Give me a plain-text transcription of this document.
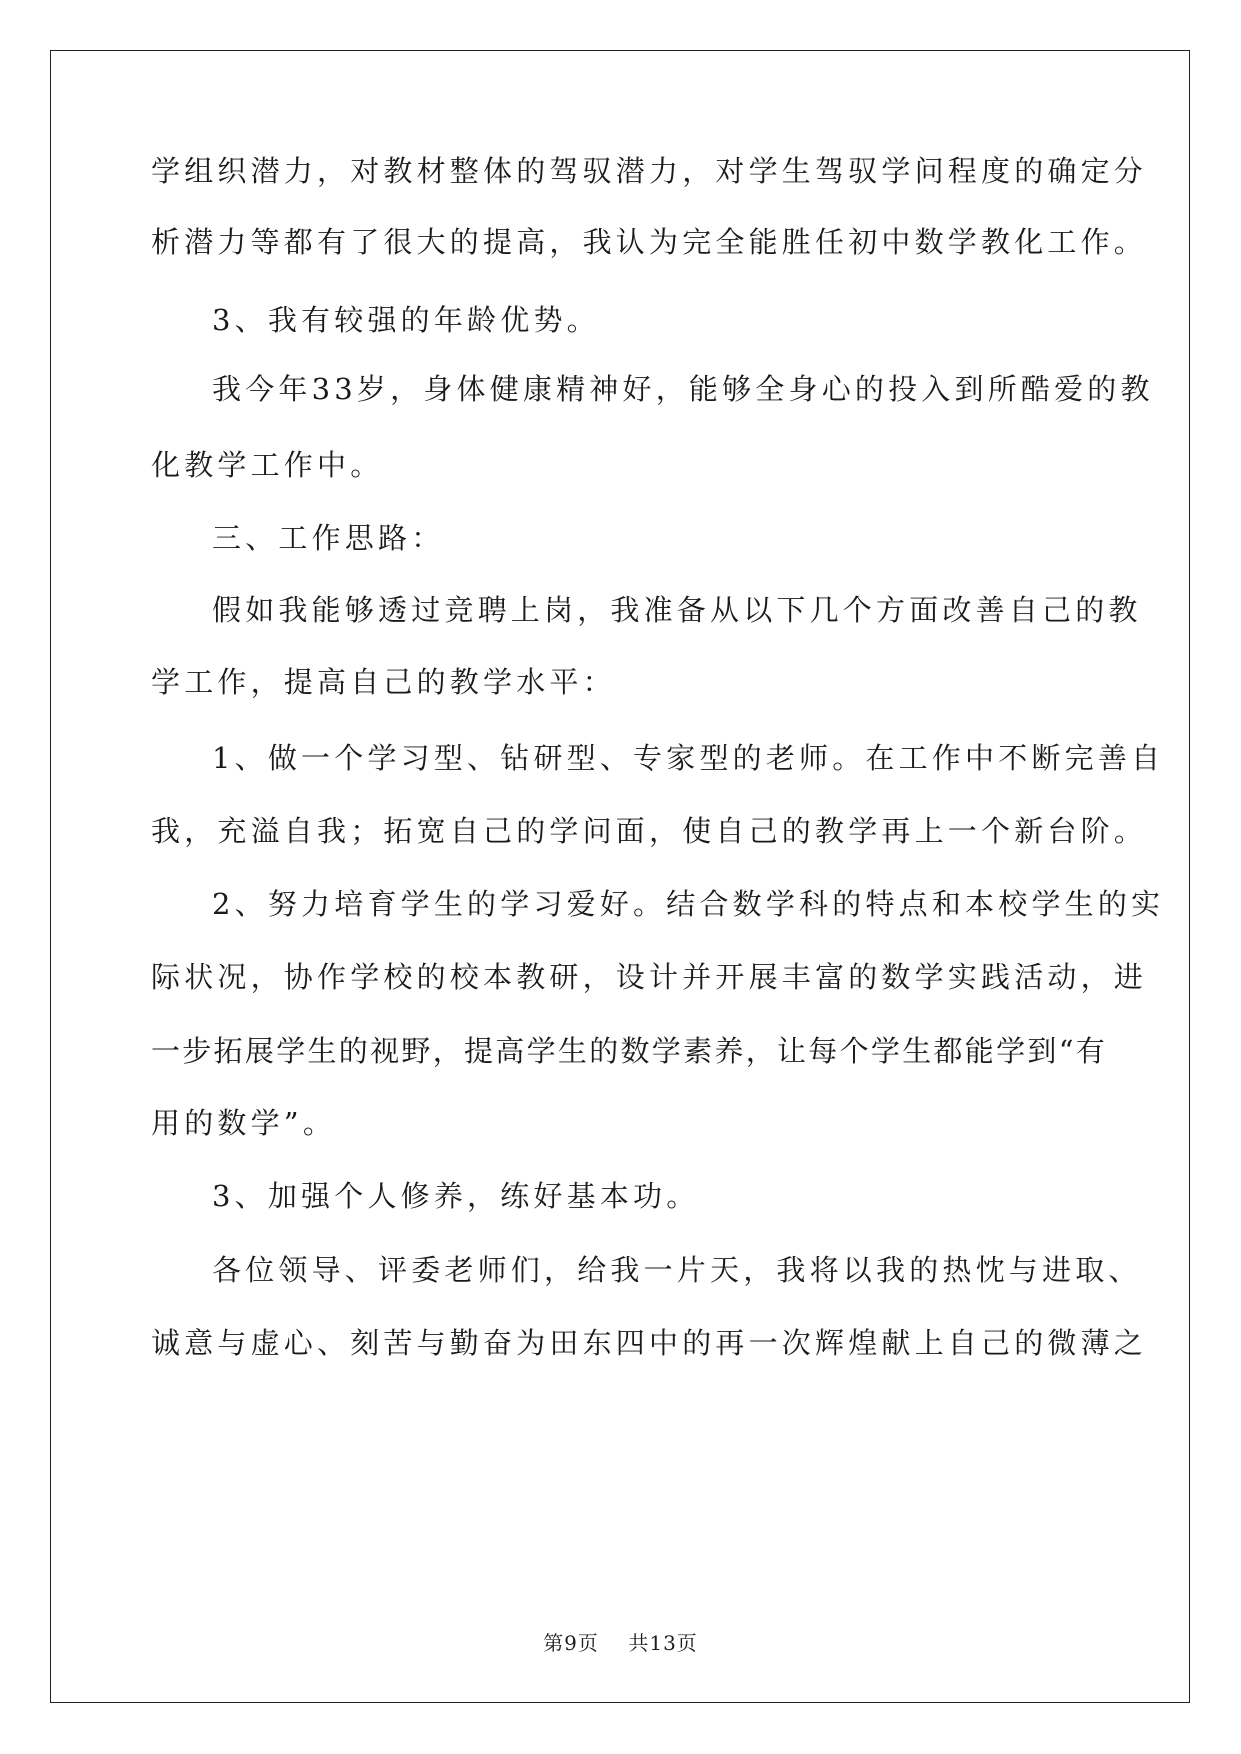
学组织潜力，对教材整体的驾驭潜力，对学生驾驭学问程度的确定分
析潜力等都有了很大的提高，我认为完全能胜任初中数学教化工作。
3、我有较强的年龄优势。
我今年33岁，身体健康精神好，能够全身心的投入到所酷爱的教
化教学工作中。
三、工作思路：
假如我能够透过竞聘上岗，我准备从以下几个方面改善自己的教
学工作，提高自己的教学水平：
1、做一个学习型、钻研型、专家型的老师。在工作中不断完善自
我，充溢自我；拓宽自己的学问面，使自己的教学再上一个新台阶。
2、努力培育学生的学习爱好。结合数学科的特点和本校学生的实
际状况，协作学校的校本教研，设计并开展丰富的数学实践活动，进
一步拓展学生的视野，提高学生的数学素养，让每个学生都能学到“有
用的数学”。
3、加强个人修养，练好基本功。
各位领导、评委老师们，给我一片天，我将以我的热忱与进取、
诚意与虚心、刻苦与勤奋为田东四中的再一次辉煌献上自己的微薄之
第9页 共13页
